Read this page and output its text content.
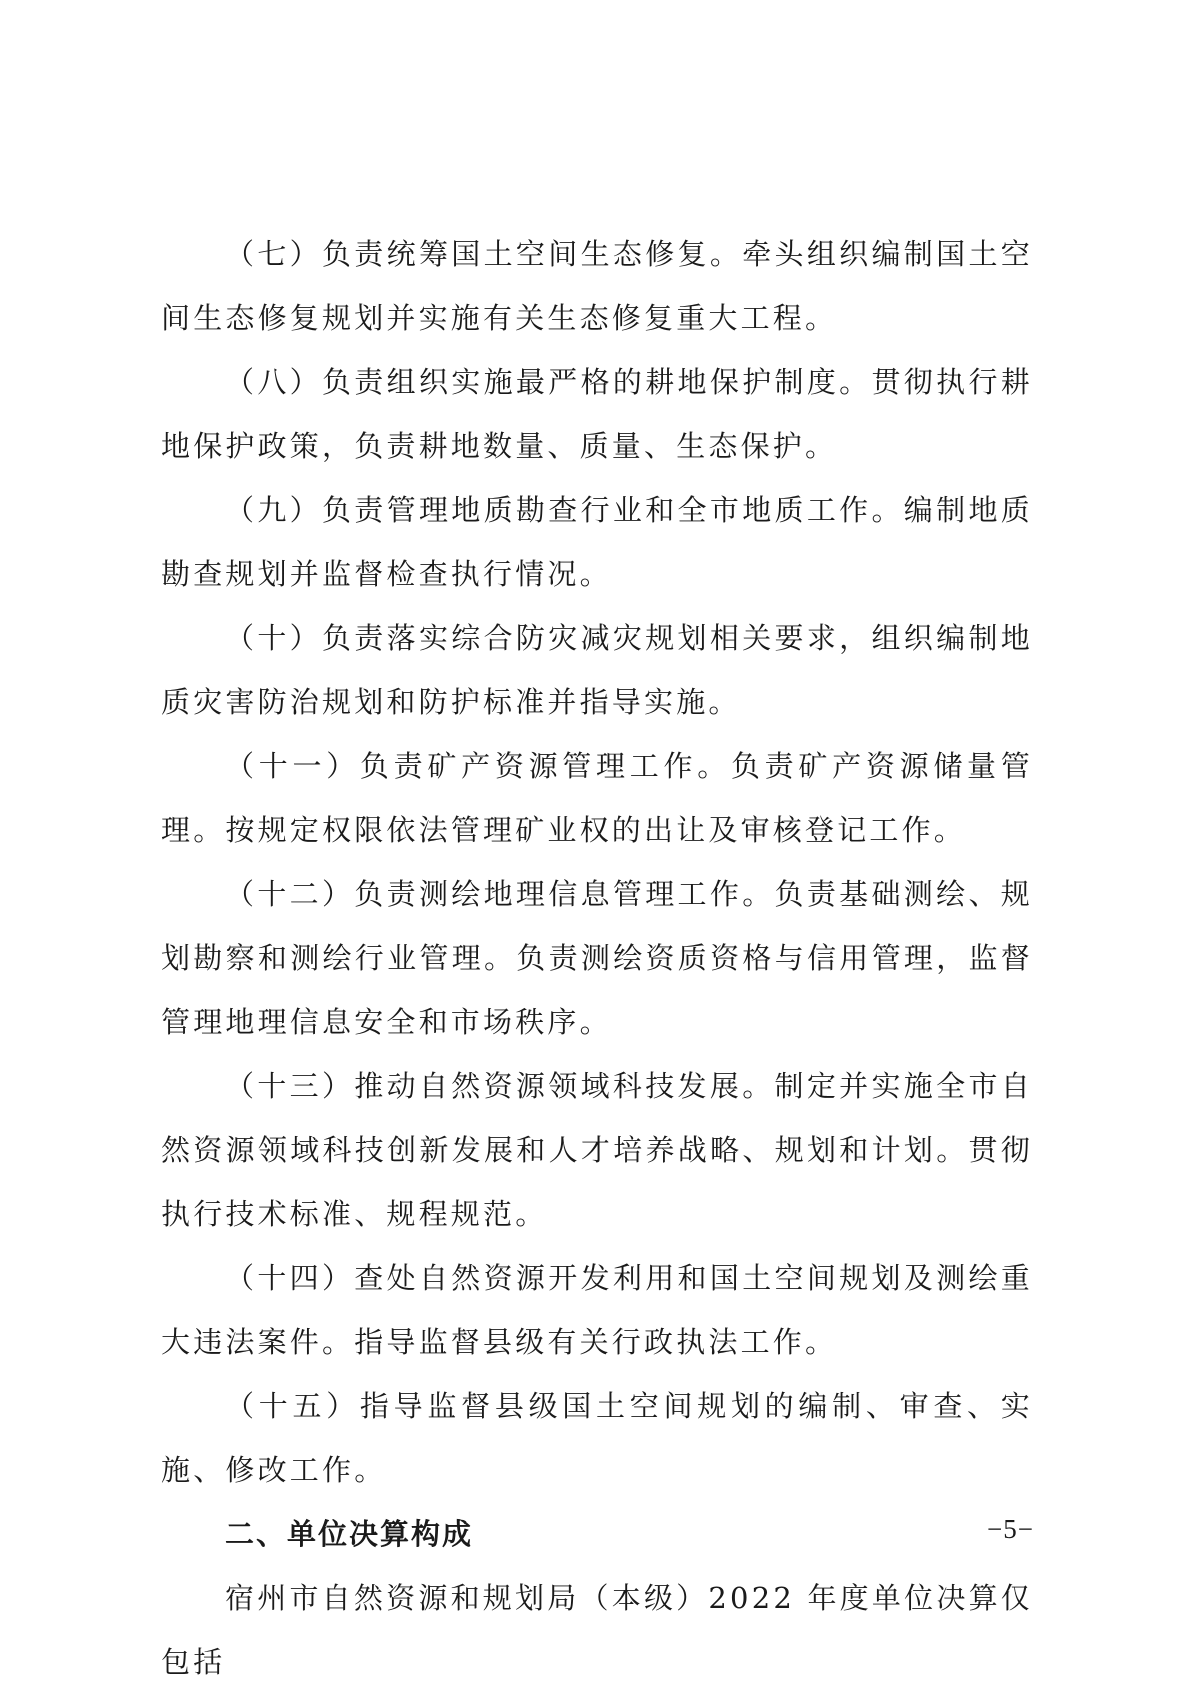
（七）负责统筹国土空间生态修复。牵头组织编制国土空间生态修复规划并实施有关生态修复重大工程。

（八）负责组织实施最严格的耕地保护制度。贯彻执行耕地保护政策，负责耕地数量、质量、生态保护。

（九）负责管理地质勘查行业和全市地质工作。编制地质勘查规划并监督检查执行情况。

（十）负责落实综合防灾减灾规划相关要求，组织编制地质灾害防治规划和防护标准并指导实施。

（十一）负责矿产资源管理工作。负责矿产资源储量管理。按规定权限依法管理矿业权的出让及审核登记工作。

（十二）负责测绘地理信息管理工作。负责基础测绘、规划勘察和测绘行业管理。负责测绘资质资格与信用管理，监督管理地理信息安全和市场秩序。

（十三）推动自然资源领域科技发展。制定并实施全市自然资源领域科技创新发展和人才培养战略、规划和计划。贯彻执行技术标准、规程规范。

（十四）查处自然资源开发利用和国土空间规划及测绘重大违法案件。指导监督县级有关行政执法工作。

（十五）指导监督县级国土空间规划的编制、审查、实施、修改工作。

二、单位决算构成

宿州市自然资源和规划局（本级）2022 年度单位决算仅包括

−5−
